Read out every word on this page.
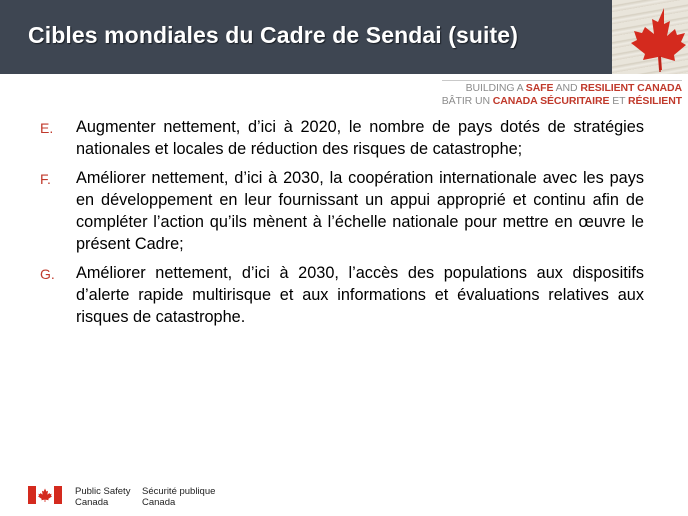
Cibles mondiales du Cadre de Sendai (suite)
BUILDING A SAFE AND RESILIENT CANADA
BÂTIR UN CANADA SÉCURITAIRE ET RÉSILIENT
E.	Augmenter nettement, d’ici à 2020, le nombre de pays dotés de stratégies nationales et locales de réduction des risques de catastrophe;
F.	Améliorer nettement, d’ici à 2030, la coopération internationale avec les pays en développement en leur fournissant un appui approprié et continu afin de compléter l’action qu’ils mènent à l’échelle nationale pour mettre en œuvre le présent Cadre;
G.	Améliorer nettement, d’ici à 2030, l’accès des populations aux dispositifs d’alerte rapide multirisque et aux informations et évaluations relatives aux risques de catastrophe.
Public Safety
Canada
Sécurité publique
Canada
